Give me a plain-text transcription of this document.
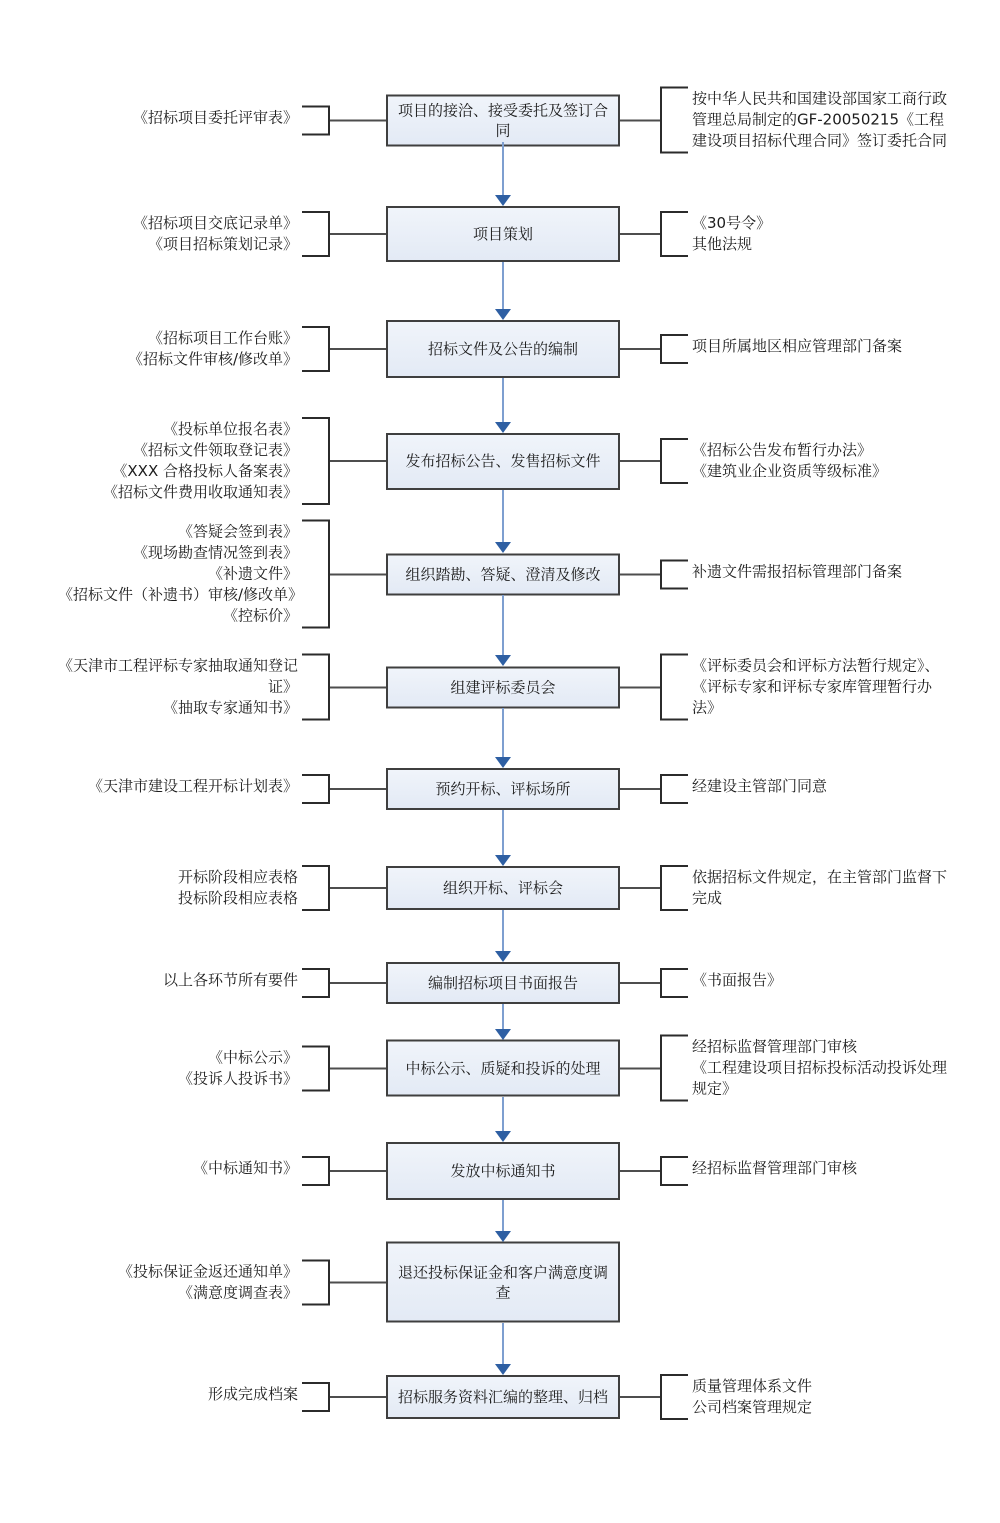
《招标项目委托评审表》	项目的接洽、接受委托及签订合同
按中华人民共和国建设部国家工商行政管理总局制定的GF-20050215《工程建设项目招标代理合同》签订委托合同
《招标项目交底记录单》
《项目招标策划记录》
项目策划
《30号令》
其他法规
《招标项目工作台账》
《招标文件审核/修改单》
招标文件及公告的编制	项目所属地区相应管理部门备案
《投标单位报名表》
《招标文件领取登记表》
《XXX 合格投标人备案表》
《招标文件费用收取通知表》
发布招标公告、发售招标文件
《招标公告发布暂行办法》
《建筑业企业资质等级标准》
《答疑会签到表》
《现场勘查情况签到表》
《补遗文件》
《招标文件（补遗书）审核/修改单》
《控标价》
组织踏勘、答疑、澄清及修改	补遗文件需报招标管理部门备案
《天津市工程评标专家抽取通知登记证》
《抽取专家通知书》
组建评标委员会
《评标委员会和评标方法暂行规定》、《评标专家和评标专家库管理暂行办法》
《天津市建设工程开标计划表》	预约开标、评标场所	经建设主管部门同意
开标阶段相应表格
投标阶段相应表格
组织开标、评标会
依据招标文件规定，在主管部门监督下完成
以上各环节所有要件	编制招标项目书面报告	《书面报告》
《中标公示》
《投诉人投诉书》
中标公示、质疑和投诉的处理
经招标监督管理部门审核
《工程建设项目招标投标活动投诉处理规定》
《中标通知书》	发放中标通知书	经招标监督管理部门审核
《投标保证金返还通知单》
《满意度调查表》
退还投标保证金和客户满意度调查
形成完成档案	招标服务资料汇编的整理、归档
质量管理体系文件
公司档案管理规定
